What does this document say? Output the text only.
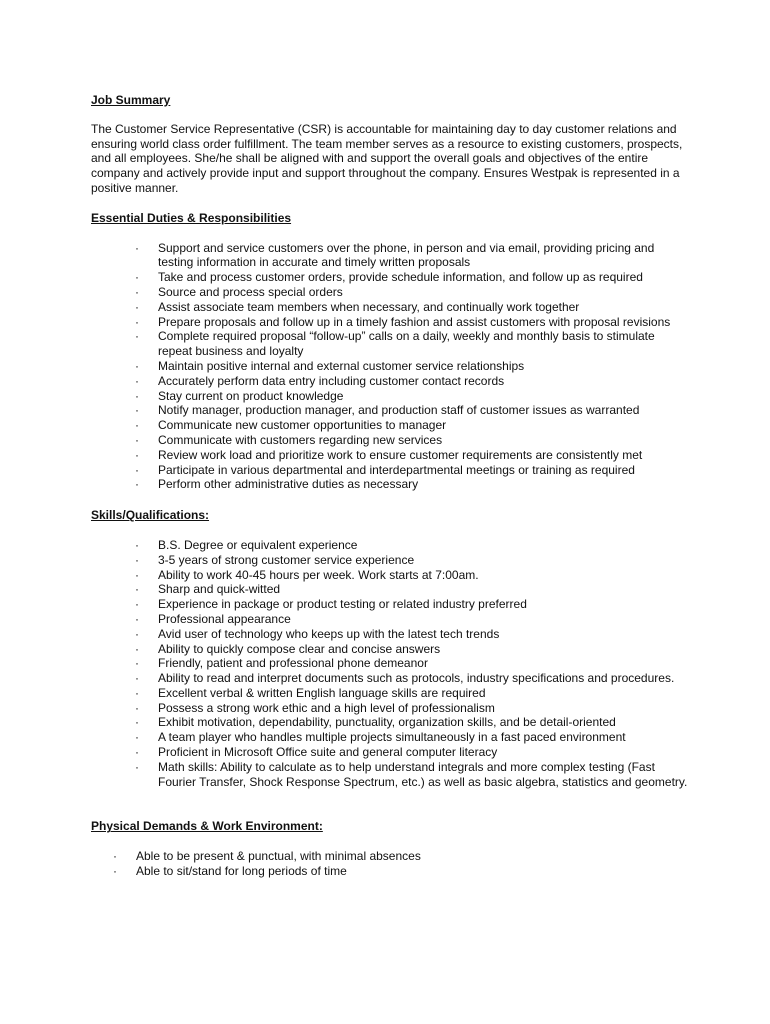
Job Summary

The Customer Service Representative (CSR) is accountable for maintaining day to day customer relations and ensuring world class order fulfillment. The team member serves as a resource to existing customers, prospects, and all employees. She/he shall be aligned with and support the overall goals and objectives of the entire company and actively provide input and support throughout the company. Ensures Westpak is represented in a positive manner.

Essential Duties & Responsibilities

· Support and service customers over the phone, in person and via email, providing pricing and testing information in accurate and timely written proposals
· Take and process customer orders, provide schedule information, and follow up as required
· Source and process special orders
· Assist associate team members when necessary, and continually work together
· Prepare proposals and follow up in a timely fashion and assist customers with proposal revisions
· Complete required proposal “follow-up” calls on a daily, weekly and monthly basis to stimulate repeat business and loyalty
· Maintain positive internal and external customer service relationships
· Accurately perform data entry including customer contact records
· Stay current on product knowledge
· Notify manager, production manager, and production staff of customer issues as warranted
· Communicate new customer opportunities to manager
· Communicate with customers regarding new services
· Review work load and prioritize work to ensure customer requirements are consistently met
· Participate in various departmental and interdepartmental meetings or training as required
· Perform other administrative duties as necessary

Skills/Qualifications:

· B.S. Degree or equivalent experience
· 3-5 years of strong customer service experience
· Ability to work 40-45 hours per week. Work starts at 7:00am.
· Sharp and quick-witted
· Experience in package or product testing or related industry preferred
· Professional appearance
· Avid user of technology who keeps up with the latest tech trends
· Ability to quickly compose clear and concise answers
· Friendly, patient and professional phone demeanor
· Ability to read and interpret documents such as protocols, industry specifications and procedures.
· Excellent verbal & written English language skills are required
· Possess a strong work ethic and a high level of professionalism
· Exhibit motivation, dependability, punctuality, organization skills, and be detail-oriented
· A team player who handles multiple projects simultaneously in a fast paced environment
· Proficient in Microsoft Office suite and general computer literacy
· Math skills: Ability to calculate as to help understand integrals and more complex testing (Fast Fourier Transfer, Shock Response Spectrum, etc.) as well as basic algebra, statistics and geometry.

Physical Demands & Work Environment:

· Able to be present & punctual, with minimal absences
· Able to sit/stand for long periods of time
